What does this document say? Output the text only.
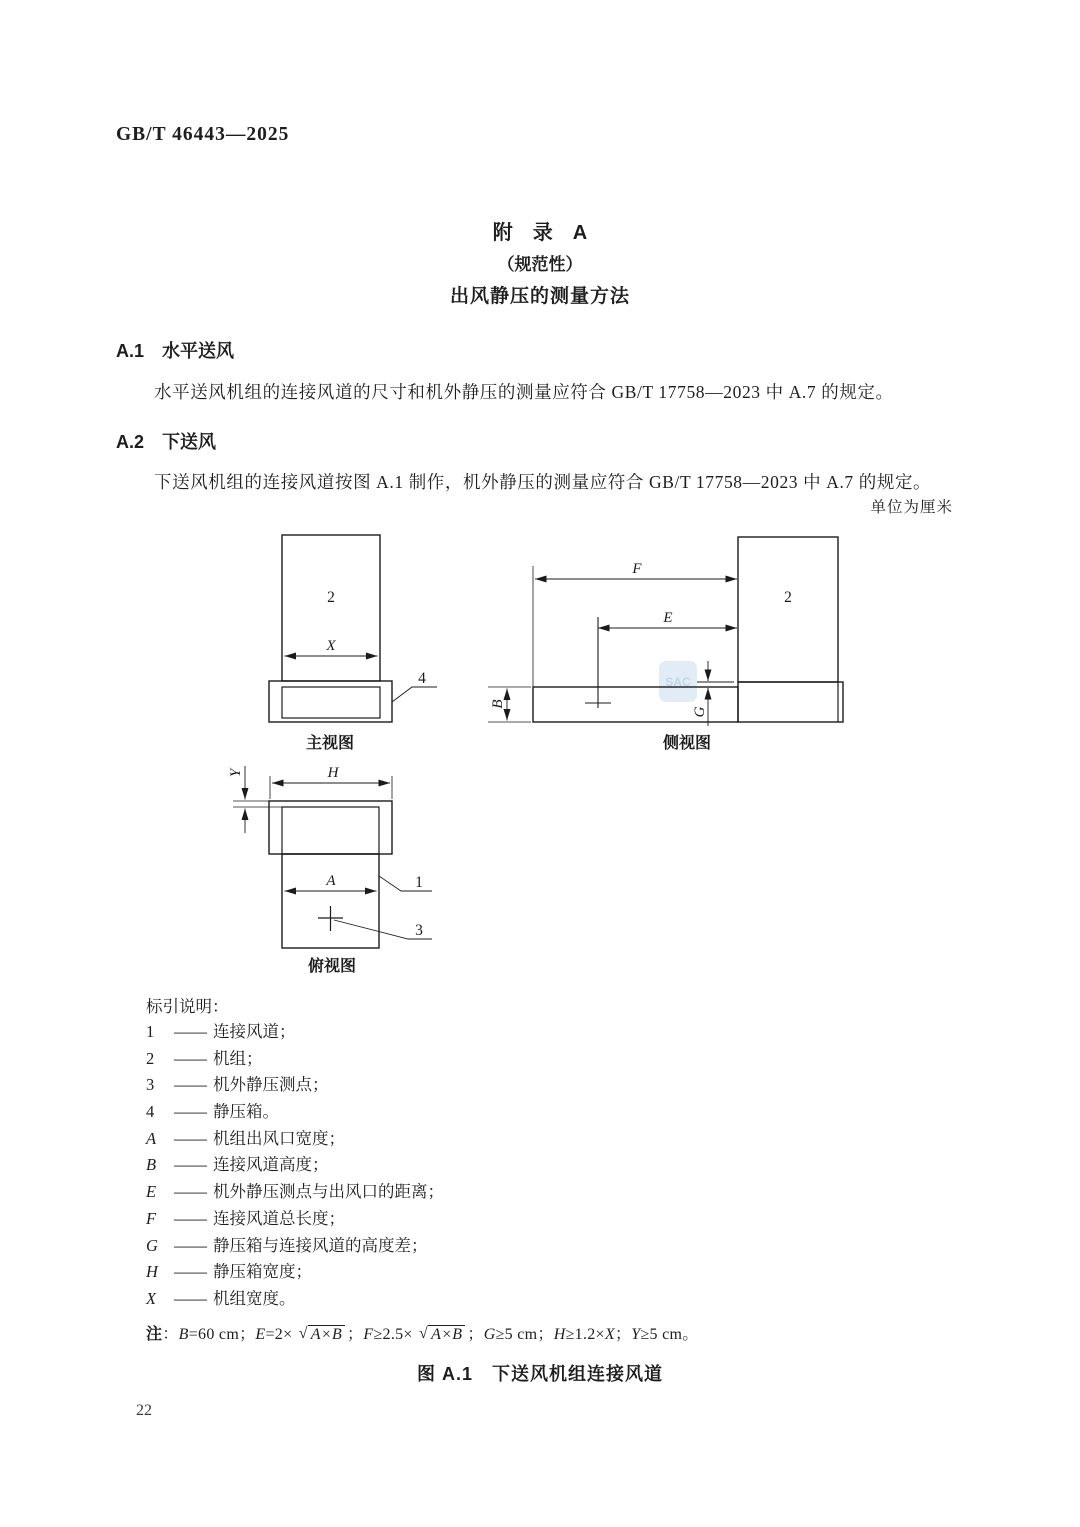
GB/T 46443—2025
附　录　A
（规范性）
出风静压的测量方法
A.1　水平送风
水平送风机组的连接风道的尺寸和机外静压的测量应符合 GB/T 17758—2023 中 A.7 的规定。
A.2　下送风
下送风机组的连接风道按图 A.1 制作，机外静压的测量应符合 GB/T 17758—2023 中 A.7 的规定。
单位为厘米
2
X
4
主视图
SAC
F
E
2
B
G
侧视图
H
Y
A	1
3
俯视图
标引说明：
1 —— 连接风道；
2 —— 机组；
3 —— 机外静压测点；
4 —— 静压箱。
A —— 机组出风口宽度；
B —— 连接风道高度；
E —— 机外静压测点与出风口的距离；
F —— 连接风道总长度；
G —— 静压箱与连接风道的高度差；
H —— 静压箱宽度；
X —— 机组宽度。
注：B=60 cm；E=2× √ A×B ；F≥2.5× √ A×B ；G≥5 cm；H≥1.2×X；Y≥5 cm。
图 A.1　下送风机组连接风道
22
